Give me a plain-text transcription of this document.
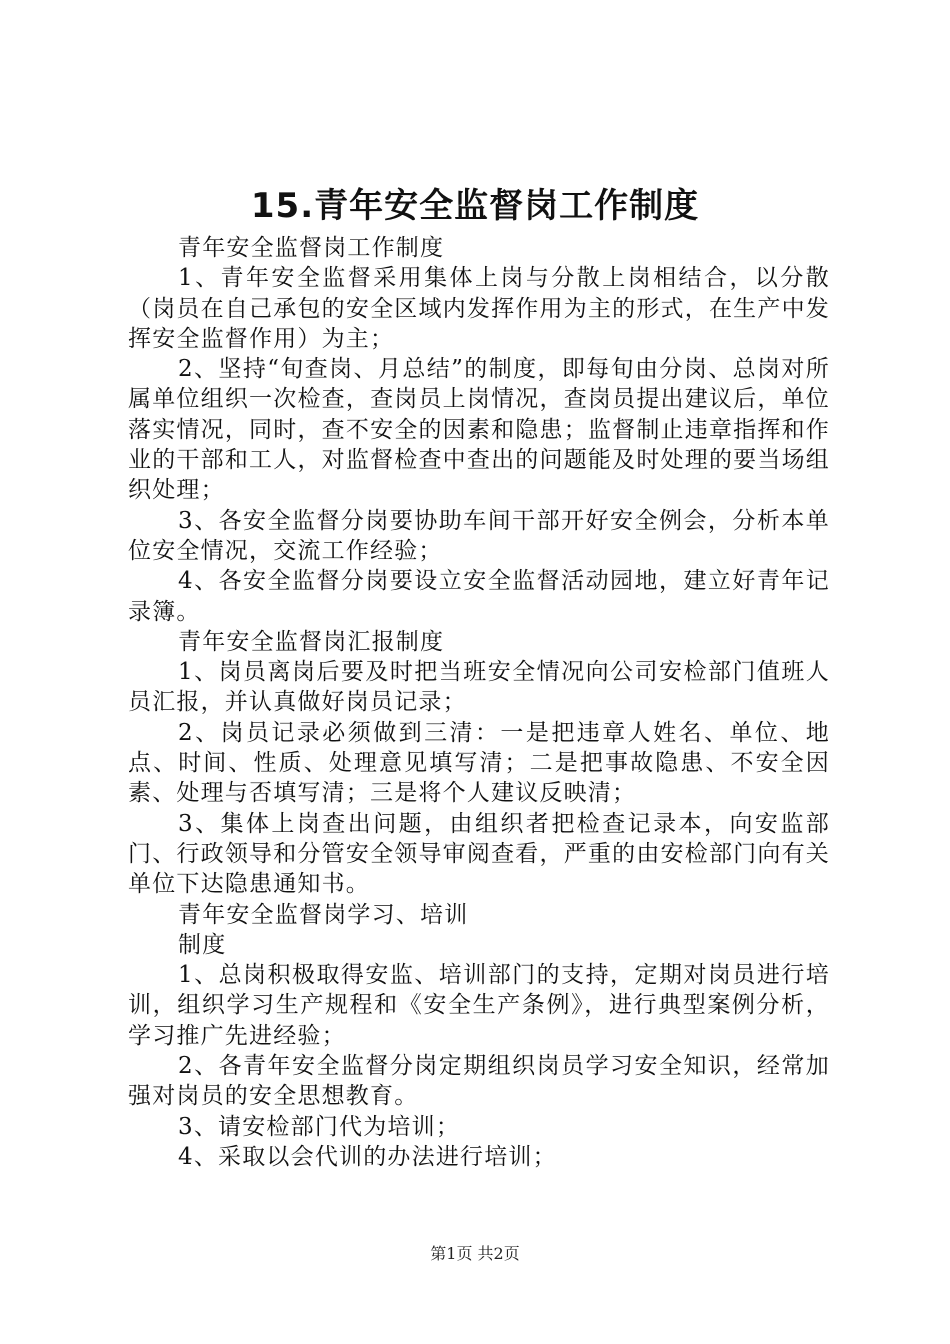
15.青年安全监督岗工作制度

青年安全监督岗工作制度

1、青年安全监督采用集体上岗与分散上岗相结合，以分散（岗员在自己承包的安全区域内发挥作用为主的形式，在生产中发挥安全监督作用）为主；

2、坚持“旬查岗、月总结”的制度，即每旬由分岗、总岗对所属单位组织一次检查，查岗员上岗情况，查岗员提出建议后，单位落实情况，同时，查不安全的因素和隐患；监督制止违章指挥和作业的干部和工人，对监督检查中查出的问题能及时处理的要当场组织处理；

3、各安全监督分岗要协助车间干部开好安全例会，分析本单位安全情况，交流工作经验；

4、各安全监督分岗要设立安全监督活动园地，建立好青年记录簿。

青年安全监督岗汇报制度

1、岗员离岗后要及时把当班安全情况向公司安检部门值班人员汇报，并认真做好岗员记录；

2、岗员记录必须做到三清：一是把违章人姓名、单位、地点、时间、性质、处理意见填写清；二是把事故隐患、不安全因素、处理与否填写清；三是将个人建议反映清；

3、集体上岗查出问题，由组织者把检查记录本，向安监部门、行政领导和分管安全领导审阅查看，严重的由安检部门向有关单位下达隐患通知书。

青年安全监督岗学习、培训

制度

1、总岗积极取得安监、培训部门的支持，定期对岗员进行培训，组织学习生产规程和《安全生产条例》，进行典型案例分析，学习推广先进经验；

2、各青年安全监督分岗定期组织岗员学习安全知识，经常加强对岗员的安全思想教育。

3、请安检部门代为培训；

4、采取以会代训的办法进行培训；

第1页 共2页
